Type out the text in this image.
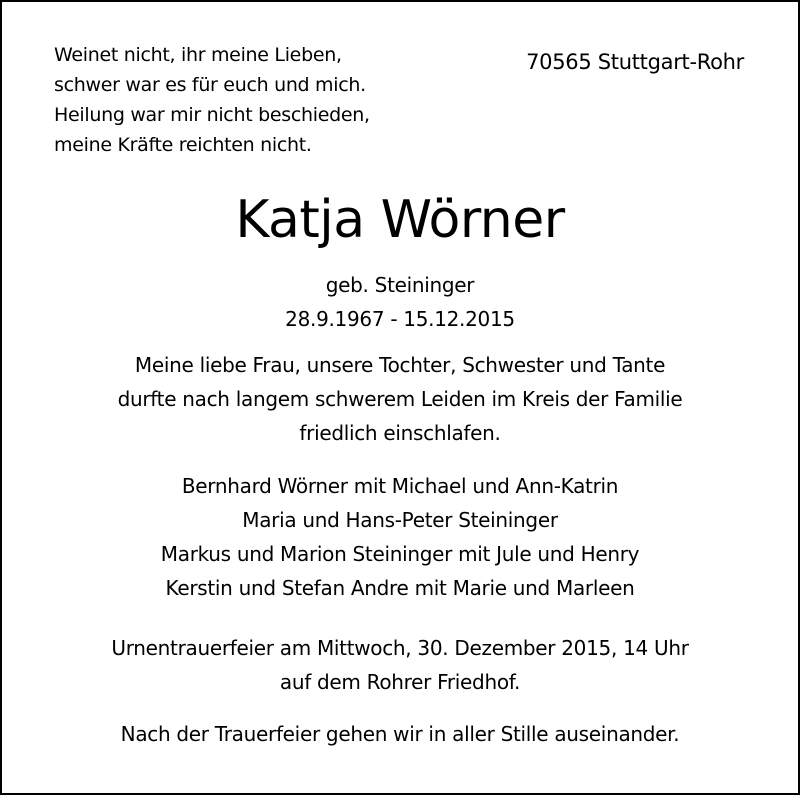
Weinet nicht, ihr meine Lieben,
schwer war es für euch und mich.
Heilung war mir nicht beschieden,
meine Kräfte reichten nicht.
70565 Stuttgart-Rohr
Katja Wörner
geb. Steininger
28.9.1967 - 15.12.2015
Meine liebe Frau, unsere Tochter, Schwester und Tante
durfte nach langem schwerem Leiden im Kreis der Familie
friedlich einschlafen.
Bernhard Wörner mit Michael und Ann-Katrin
Maria und Hans-Peter Steininger
Markus und Marion Steininger mit Jule und Henry
Kerstin und Stefan Andre mit Marie und Marleen
Urnentrauerfeier am Mittwoch, 30. Dezember 2015, 14 Uhr
auf dem Rohrer Friedhof.
Nach der Trauerfeier gehen wir in aller Stille auseinander.
